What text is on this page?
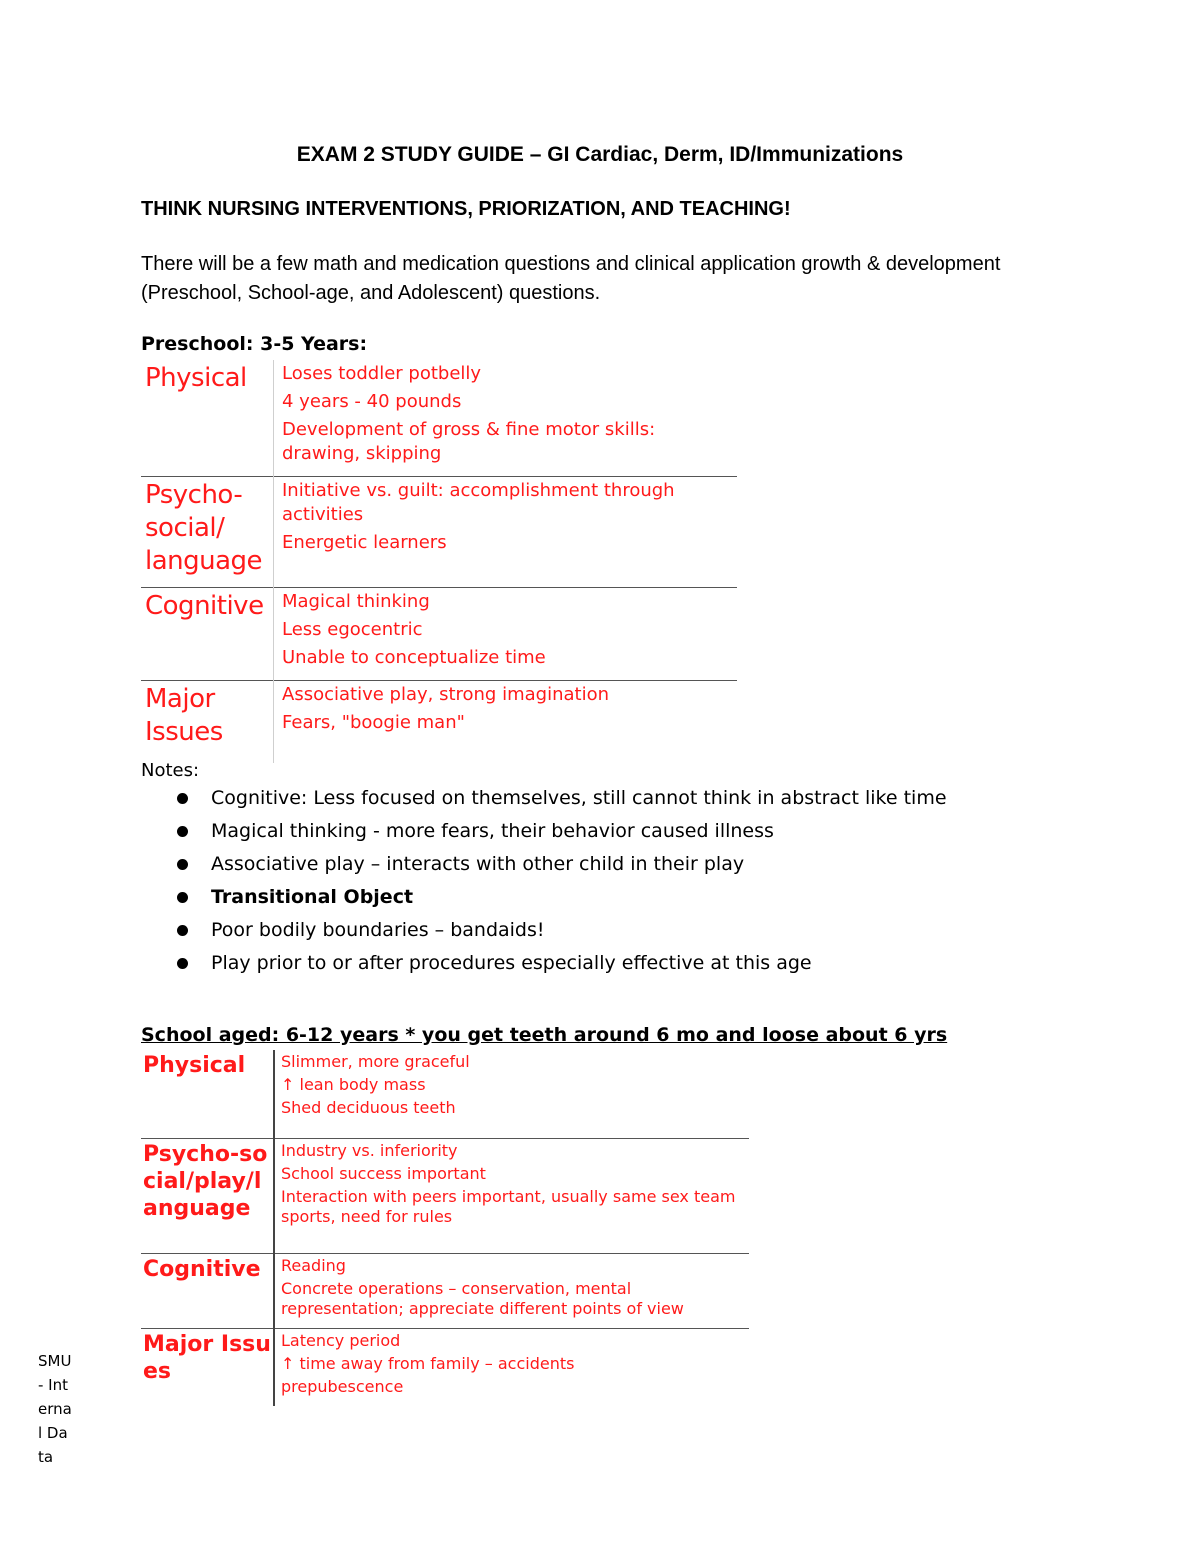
EXAM 2 STUDY GUIDE – GI Cardiac, Derm, ID/Immunizations

THINK NURSING INTERVENTIONS, PRIORIZATION, AND TEACHING!

There will be a few math and medication questions and clinical application growth & development (Preschool, School-age, and Adolescent) questions.

Preschool: 3-5 Years:

Physical	Loses toddler potbelly
4 years - 40 pounds
Development of gross & fine motor skills: drawing, skipping

Psycho-social/ language	Initiative vs. guilt: accomplishment through activities
Energetic learners

Cognitive	Magical thinking
Less egocentric
Unable to conceptualize time

Major Issues	Associative play, strong imagination
Fears, "boogie man"

Notes:

Cognitive: Less focused on themselves, still cannot think in abstract like time
Magical thinking - more fears, their behavior caused illness
Associative play – interacts with other child in their play
Transitional Object
Poor bodily boundaries – bandaids!
Play prior to or after procedures especially effective at this age

School aged: 6-12 years * you get teeth around 6 mo and loose about 6 yrs

Physical	Slimmer, more graceful
↑ lean body mass
Shed deciduous teeth

Psycho-social/play/language	Industry vs. inferiority
School success important
Interaction with peers important, usually same sex team sports, need for rules

Cognitive	Reading
Concrete operations – conservation, mental representation; appreciate different points of view

Major Issues	Latency period
↑ time away from family – accidents
prepubescence

SMU - Internal Data
